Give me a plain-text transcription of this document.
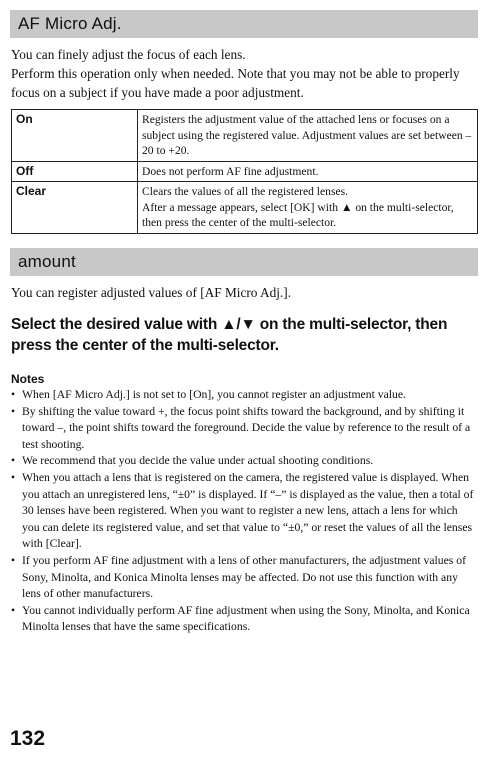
AF Micro Adj.

You can finely adjust the focus of each lens.

Perform this operation only when needed. Note that you may not be able to properly focus on a subject if you have made a poor adjustment.

On	Registers the adjustment value of the attached lens or focuses on a subject using the registered value. Adjustment values are set between –20 to +20.
Off	Does not perform AF fine adjustment.
Clear	Clears the values of all the registered lenses.
After a message appears, select [OK] with ▲ on the multi-selector, then press the center of the multi-selector.
amount

You can register adjusted values of [AF Micro Adj.].

Select the desired value with ▲/▼ on the multi-selector, then press the center of the multi-selector.

Notes
• When [AF Micro Adj.] is not set to [On], you cannot register an adjustment value.
• By shifting the value toward +, the focus point shifts toward the background, and by shifting it toward –, the point shifts toward the foreground. Decide the value by reference to the result of a test shooting.
• We recommend that you decide the value under actual shooting conditions.
• When you attach a lens that is registered on the camera, the registered value is displayed. When you attach an unregistered lens, “±0” is displayed. If “–” is displayed as the value, then a total of 30 lenses have been registered. When you want to register a new lens, attach a lens for which you can delete its registered value, and set that value to “±0,” or reset the values of all the lenses with [Clear].
• If you perform AF fine adjustment with a lens of other manufacturers, the adjustment values of Sony, Minolta, and Konica Minolta lenses may be affected. Do not use this function with any lens of other manufacturers.
• You cannot individually perform AF fine adjustment when using the Sony, Minolta, and Konica Minolta lenses that have the same specifications.
132
